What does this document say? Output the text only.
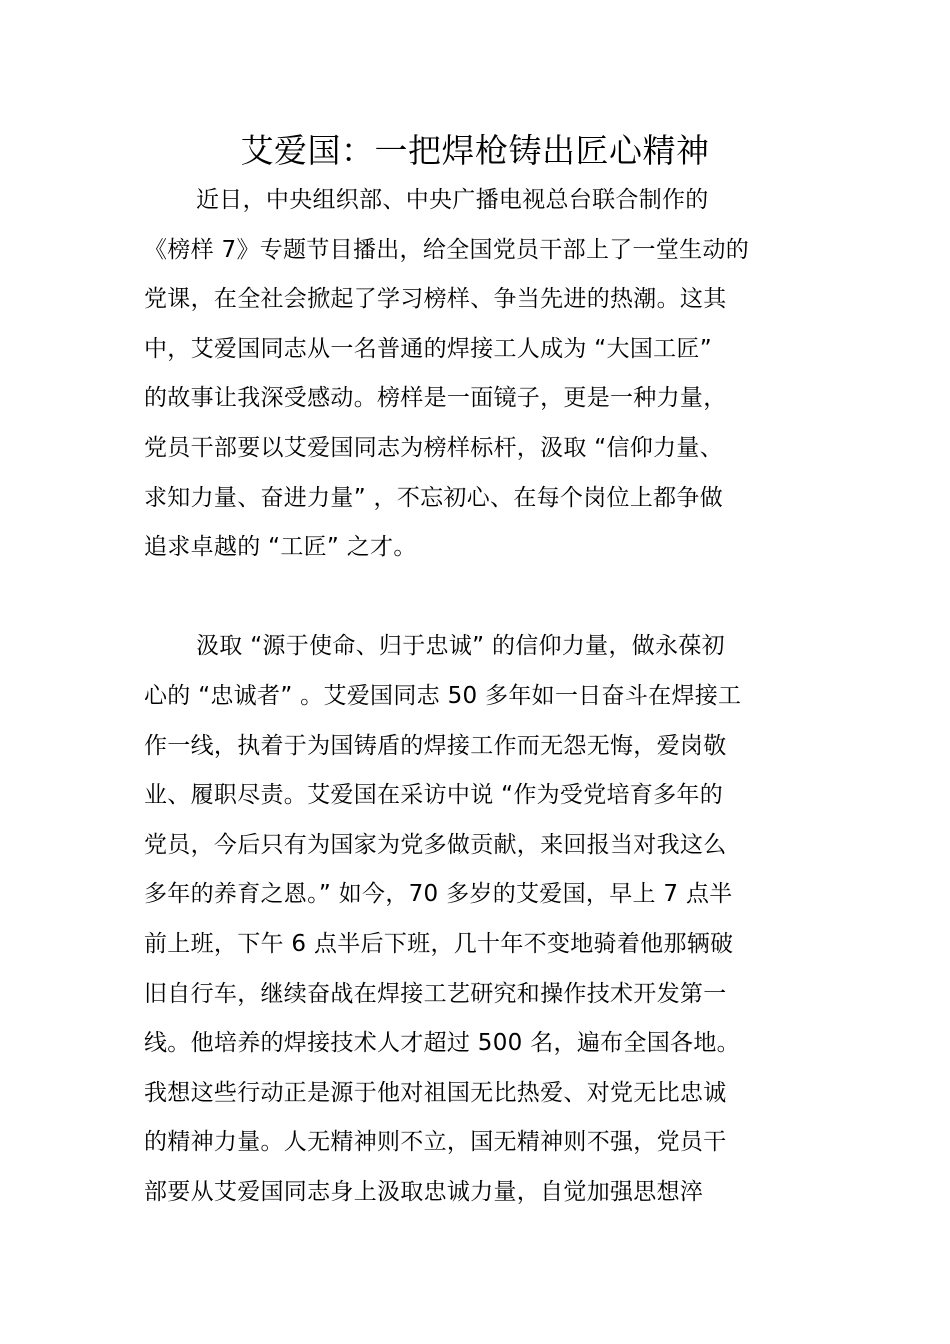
艾爱国：一把焊枪铸出匠心精神
近日，中央组织部、中央广播电视总台联合制作的
《榜样 7》专题节目播出，给全国党员干部上了一堂生动的
党课，在全社会掀起了学习榜样、争当先进的热潮。这其
中，艾爱国同志从一名普通的焊接工人成为 “大国工匠”
的故事让我深受感动。榜样是一面镜子，更是一种力量，
党员干部要以艾爱国同志为榜样标杆，汲取 “信仰力量、
求知力量、奋进力量” ，不忘初心、在每个岗位上都争做
追求卓越的 “工匠” 之才。
汲取 “源于使命、归于忠诚” 的信仰力量，做永葆初
心的 “忠诚者” 。艾爱国同志 50 多年如一日奋斗在焊接工
作一线，执着于为国铸盾的焊接工作而无怨无悔，爱岗敬
业、履职尽责。艾爱国在采访中说 “作为受党培育多年的
党员，今后只有为国家为党多做贡献，来回报当对我这么
多年的养育之恩。” 如今，70 多岁的艾爱国，早上 7 点半
前上班，下午 6 点半后下班，几十年不变地骑着他那辆破
旧自行车，继续奋战在焊接工艺研究和操作技术开发第一
线。他培养的焊接技术人才超过 500 名，遍布全国各地。
我想这些行动正是源于他对祖国无比热爱、对党无比忠诚
的精神力量。人无精神则不立，国无精神则不强，党员干
部要从艾爱国同志身上汲取忠诚力量，自觉加强思想淬
